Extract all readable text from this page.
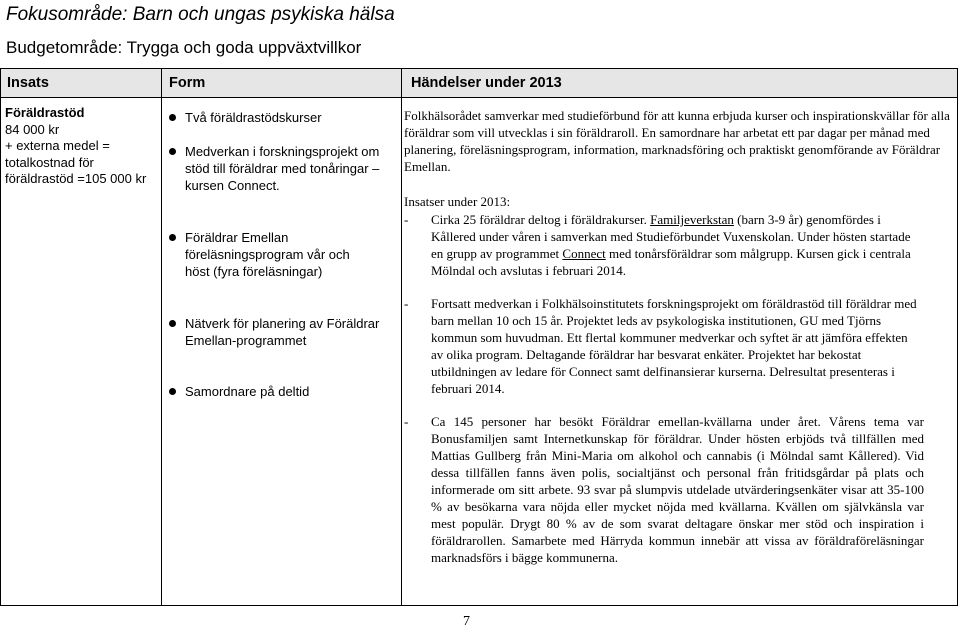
Fokusområde: Barn och ungas psykiska hälsa
Budgetområde: Trygga och goda uppväxtvillkor
Insats	Form	Händelser under 2013
Föräldrastöd
84 000 kr
+ externa medel =
totalkostnad för
föräldrastöd =105 000 kr
Två föräldrastödskurser
Medverkan i forskningsprojekt om stöd till föräldrar med tonåringar – kursen Connect.
Föräldrar Emellan föreläsningsprogram vår och höst (fyra föreläsningar)
Nätverk för planering av Föräldrar Emellan-programmet
Samordnare på deltid
Folkhälsorådet samverkar med studieförbund för att kunna erbjuda kurser och inspirationskvällar för alla föräldrar som vill utvecklas i sin föräldraroll. En samordnare har arbetat ett par dagar per månad med planering, föreläsningsprogram, information, marknadsföring och praktiskt genomförande av Föräldrar Emellan.
Insatser under 2013:
- Cirka 25 föräldrar deltog i föräldrakurser. Familjeverkstan (barn 3-9 år) genomfördes i Kållered under våren i samverkan med Studieförbundet Vuxenskolan. Under hösten startade en grupp av programmet Connect med tonårsföräldrar som målgrupp. Kursen gick i centrala Mölndal och avslutas i februari 2014.
- Fortsatt medverkan i Folkhälsoinstitutets forskningsprojekt om föräldrastöd till föräldrar med barn mellan 10 och 15 år. Projektet leds av psykologiska institutionen, GU med Tjörns kommun som huvudman. Ett flertal kommuner medverkar och syftet är att jämföra effekten av olika program. Deltagande föräldrar har besvarat enkäter. Projektet har bekostat utbildningen av ledare för Connect samt delfinansierar kurserna. Delresultat presenteras i februari 2014.
- Ca 145 personer har besökt Föräldrar emellan-kvällarna under året. Vårens tema var Bonusfamiljen samt Internetkunskap för föräldrar. Under hösten erbjöds två tillfällen med Mattias Gullberg från Mini-Maria om alkohol och cannabis (i Mölndal samt Kållered). Vid dessa tillfällen fanns även polis, socialtjänst och personal från fritidsgårdar på plats och informerade om sitt arbete. 93 svar på slumpvis utdelade utvärderingsenkäter visar att 35-100 % av besökarna vara nöjda eller mycket nöjda med kvällarna. Kvällen om självkänsla var mest populär. Drygt 80 % av de som svarat deltagare önskar mer stöd och inspiration i föräldrarollen. Samarbete med Härryda kommun innebär att vissa av föräldraföreläsningar marknadsförs i bägge kommunerna.
7
